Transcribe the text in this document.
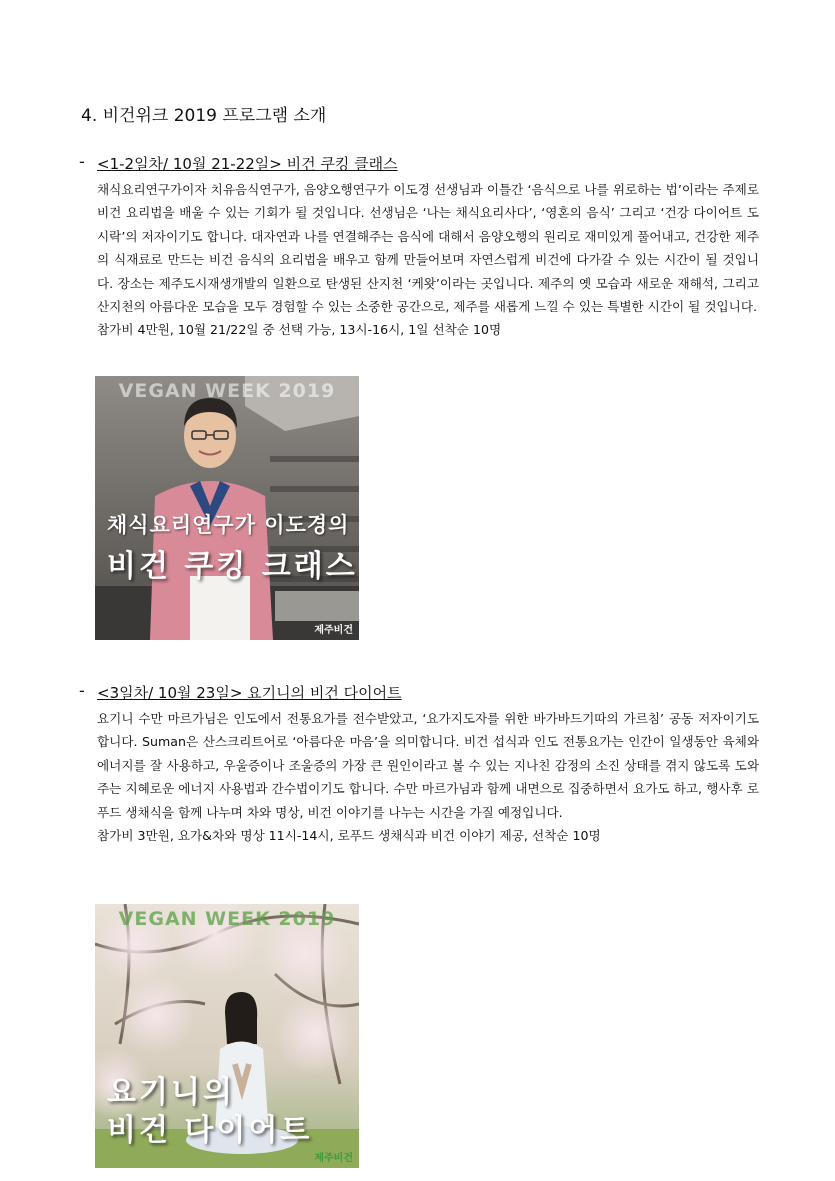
4. 비건위크 2019 프로그램 소개
- <1-2일차/ 10월 21-22일> 비건 쿠킹 클래스

채식요리연구가이자 치유음식연구가, 음양오행연구가 이도경 선생님과 이틀간 ‘음식으로 나를 위로하는 법’이라는 주제로 비건 요리법을 배울 수 있는 기회가 될 것입니다. 선생님은 ‘나는 채식요리사다’, ‘영혼의 음식’ 그리고 ‘건강 다이어트 도시락’의 저자이기도 합니다. 대자연과 나를 연결해주는 음식에 대해서 음양오행의 원리로 재미있게 풀어내고, 건강한 제주의 식재료로 만드는 비건 음식의 요리법을 배우고 함께 만들어보며 자연스럽게 비건에 다가갈 수 있는 시간이 될 것입니다. 장소는 제주도시재생개발의 일환으로 탄생된 산지천 ‘케왓’이라는 곳입니다. 제주의 옛 모습과 새로운 재해석, 그리고 산지천의 아름다운 모습을 모두 경험할 수 있는 소중한 공간으로, 제주를 새롭게 느낄 수 있는 특별한 시간이 될 것입니다.

참가비 4만원, 10월 21/22일 중 선택 가능, 13시-16시, 1일 선착순 10명

VEGAN WEEK 2019
채식요리연구가 이도경의
비건 쿠킹 크래스
제주비건
- <3일차/ 10월 23일> 요기니의 비건 다이어트

요기니 수만 마르가님은 인도에서 전통요가를 전수받았고, ‘요가지도자를 위한 바가바드기따의 가르침’ 공동 저자이기도 합니다. Suman은 산스크리트어로 ‘아름다운 마음’을 의미합니다. 비건 섭식과 인도 전통요가는 인간이 일생동안 육체와 에너지를 잘 사용하고, 우울증이나 조울증의 가장 큰 원인이라고 볼 수 있는 지나친 감정의 소진 상태를 겪지 않도록 도와주는 지혜로운 에너지 사용법과 간수법이기도 합니다. 수만 마르가님과 함께 내면으로 집중하면서 요가도 하고, 행사후 로푸드 생채식을 함께 나누며 차와 명상, 비건 이야기를 나누는 시간을 가질 예정입니다.

참가비 3만원, 요가&차와 명상 11시-14시, 로푸드 생채식과 비건 이야기 제공, 선착순 10명

VEGAN WEEK 2019
요기니의
비건 다이어트
제주비건
